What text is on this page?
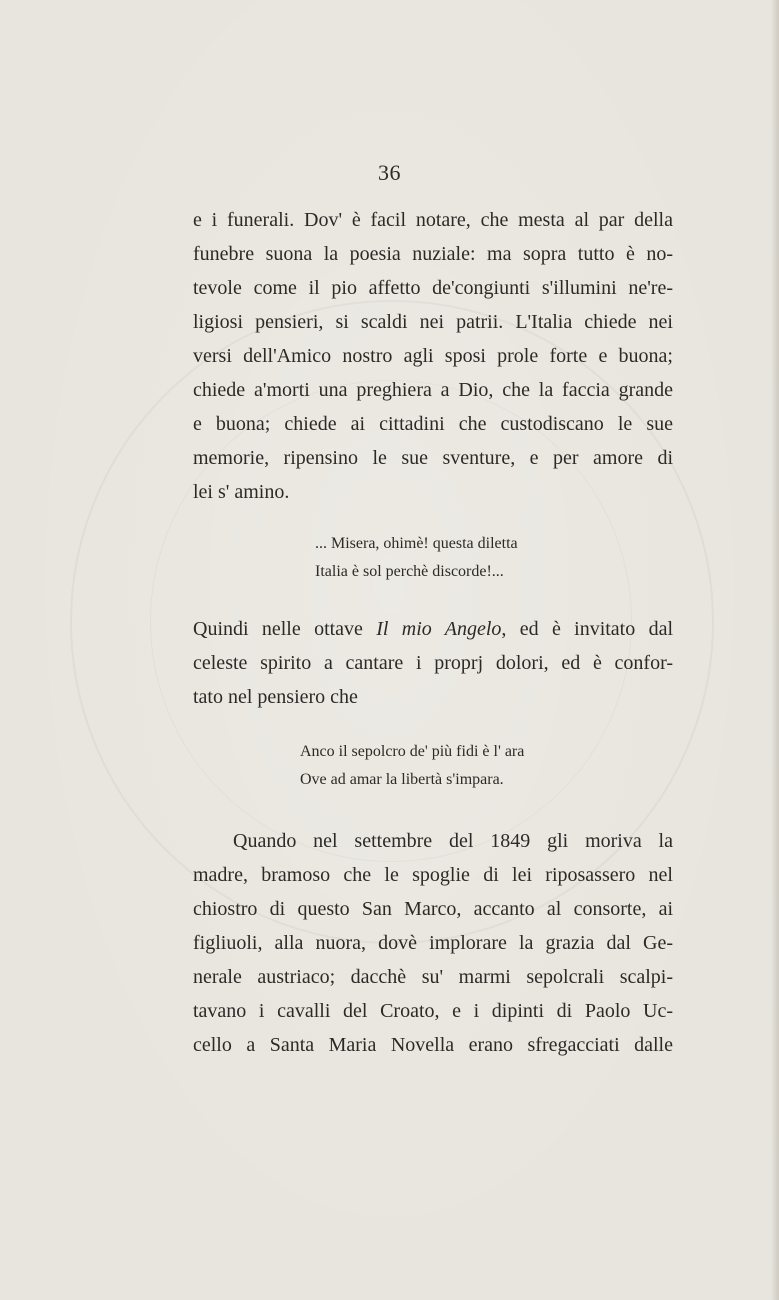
36
e i funerali. Dov' è facil notare, che mesta al par della
funebre suona la poesia nuziale: ma sopra tutto è no-
tevole come il pio affetto de'congiunti s'illumini ne're-
ligiosi pensieri, si scaldi nei patrii. L'Italia chiede nei
versi dell'Amico nostro agli sposi prole forte e buona;
chiede a'morti una preghiera a Dio, che la faccia grande
e buona; chiede ai cittadini che custodiscano le sue
memorie, ripensino le sue sventure, e per amore di
lei s' amino.
... Misera, ohimè! questa diletta
Italia è sol perchè discorde!...
Quindi nelle ottave Il mio Angelo, ed è invitato dal
celeste spirito a cantare i proprj dolori, ed è confor-
tato nel pensiero che
Anco il sepolcro de' più fidi è l' ara
Ove ad amar la libertà s'impara.
Quando nel settembre del 1849 gli moriva la
madre, bramoso che le spoglie di lei riposassero nel
chiostro di questo San Marco, accanto al consorte, ai
figliuoli, alla nuora, dovè implorare la grazia dal Ge-
nerale austriaco; dacchè su' marmi sepolcrali scalpi-
tavano i cavalli del Croato, e i dipinti di Paolo Uc-
cello a Santa Maria Novella erano sfregacciati dalle
